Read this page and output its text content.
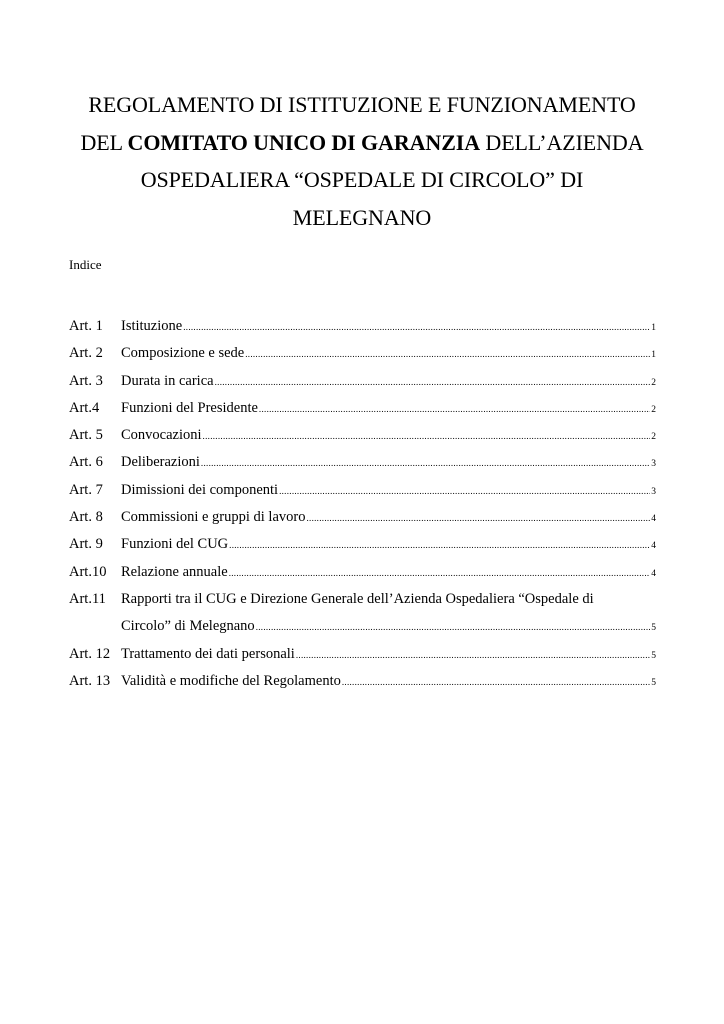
REGOLAMENTO DI ISTITUZIONE E FUNZIONAMENTO
DEL COMITATO UNICO DI GARANZIA DELL’AZIENDA
OSPEDALIERA “OSPEDALE DI CIRCOLO” DI
MELEGNANO
Indice
Art. 1	Istituzione .....	1
Art. 2	Composizione e sede .....	1
Art. 3	Durata in carica .....	2
Art.4	Funzioni del Presidente .....	2
Art. 5	Convocazioni .....	2
Art. 6	Deliberazioni .....	3
Art. 7	Dimissioni dei componenti .....	3
Art. 8	Commissioni e gruppi di lavoro .....	4
Art. 9	Funzioni del CUG .....	4
Art.10	Relazione annuale .....	4
Art.11	Rapporti tra il CUG e Direzione Generale dell’Azienda Ospedaliera “Ospedale di
Circolo” di Melegnano .....	5
Art. 12 Trattamento dei dati personali .....	5
Art. 13 Validità e modifiche del Regolamento .....	5
